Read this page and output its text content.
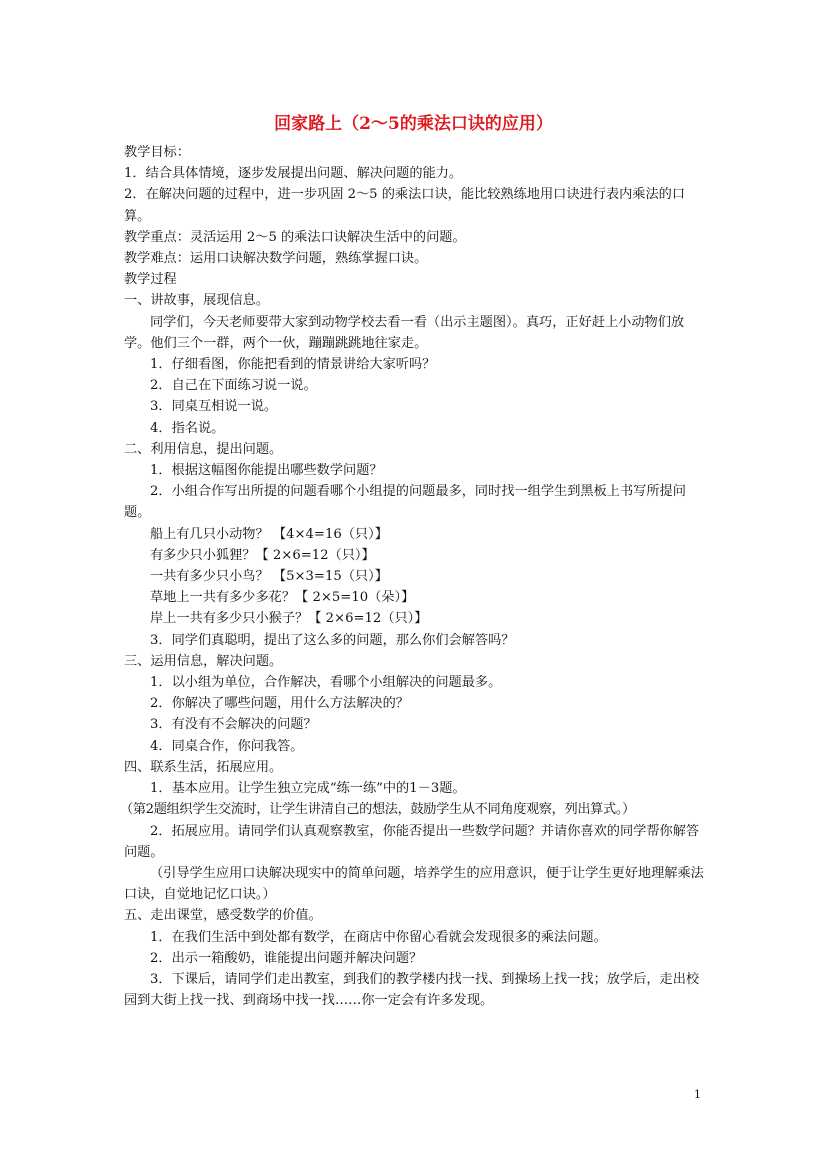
回家路上（2～5的乘法口诀的应用）

教学目标：

1．结合具体情境，逐步发展提出问题、解决问题的能力。

2．在解决问题的过程中，进一步巩固 2～5 的乘法口诀，能比较熟练地用口诀进行表内乘法的口算。

教学重点：灵活运用 2～5 的乘法口诀解决生活中的问题。

教学难点：运用口诀解决数学问题，熟练掌握口诀。

教学过程

一、讲故事，展现信息。

同学们，今天老师要带大家到动物学校去看一看（出示主题图）。真巧，正好赶上小动物们放学。他们三个一群，两个一伙，蹦蹦跳跳地往家走。

1．仔细看图，你能把看到的情景讲给大家听吗？

2．自己在下面练习说一说。

3．同桌互相说一说。

4．指名说。

二、利用信息，提出问题。

1．根据这幅图你能提出哪些数学问题？

2．小组合作写出所提的问题看哪个小组提的问题最多，同时找一组学生到黑板上书写所提问题。

船上有几只小动物？ 【4×4=16（只）】

有多少只小狐狸？【 2×6=12（只）】

一共有多少只小鸟？ 【5×3=15（只）】

草地上一共有多少多花？【 2×5=10（朵）】

岸上一共有多少只小猴子？【 2×6=12（只）】

3．同学们真聪明，提出了这么多的问题，那么你们会解答吗？

三、运用信息，解决问题。

1．以小组为单位，合作解决，看哪个小组解决的问题最多。

2．你解决了哪些问题，用什么方法解决的？

3．有没有不会解决的问题？

4．同桌合作，你问我答。

四、联系生活，拓展应用。

1．基本应用。让学生独立完成“练一练”中的1－3题。

（第2题组织学生交流时，让学生讲清自己的想法，鼓励学生从不同角度观察，列出算式。）

2．拓展应用。请同学们认真观察教室，你能否提出一些数学问题？并请你喜欢的同学帮你解答问题。

（引导学生应用口诀解决现实中的简单问题，培养学生的应用意识，便于让学生更好地理解乘法口诀，自觉地记忆口诀。）

五、走出课堂，感受数学的价值。

1．在我们生活中到处都有数学，在商店中你留心看就会发现很多的乘法问题。

2．出示一箱酸奶，谁能提出问题并解决问题？

3．下课后，请同学们走出教室，到我们的教学楼内找一找、到操场上找一找；放学后，走出校园到大街上找一找、到商场中找一找……你一定会有许多发现。

1
